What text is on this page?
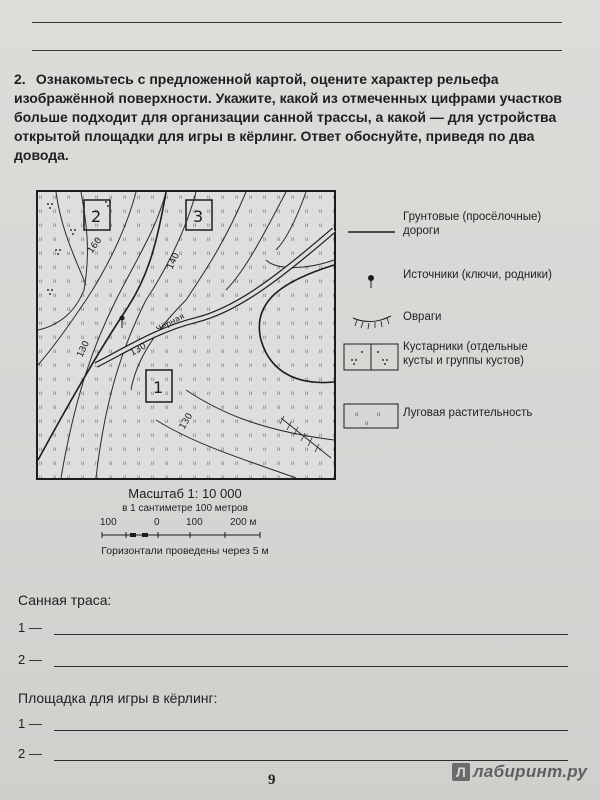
2. Ознакомьтесь с предложенной картой, оцените характер рельефа изображённой поверхности. Укажите, какой из отмеченных цифрами участков больше подходит для организации санной трассы, а какой — для устройства открытой площадки для игры в кёрлинг. Ответ обоснуйте, приведя по два довода.
2	3
1
160
140
130	130
130
Чёрная
Грунтовые (просёлочные) дороги
Источники (ключи, родники)
Овраги
Кустарники (отдельные кусты и группы кустов)
ıı	ıı
ıı
Луговая растительность
Масштаб 1: 10 000
в 1 сантиметре 100 метров
100	0	100	200 м
Горизонтали проведены через 5 м
Санная траса:
1 —
2 —
Площадка для игры в кёрлинг:
1 —
2 —
9	Л лабиринт.ру
